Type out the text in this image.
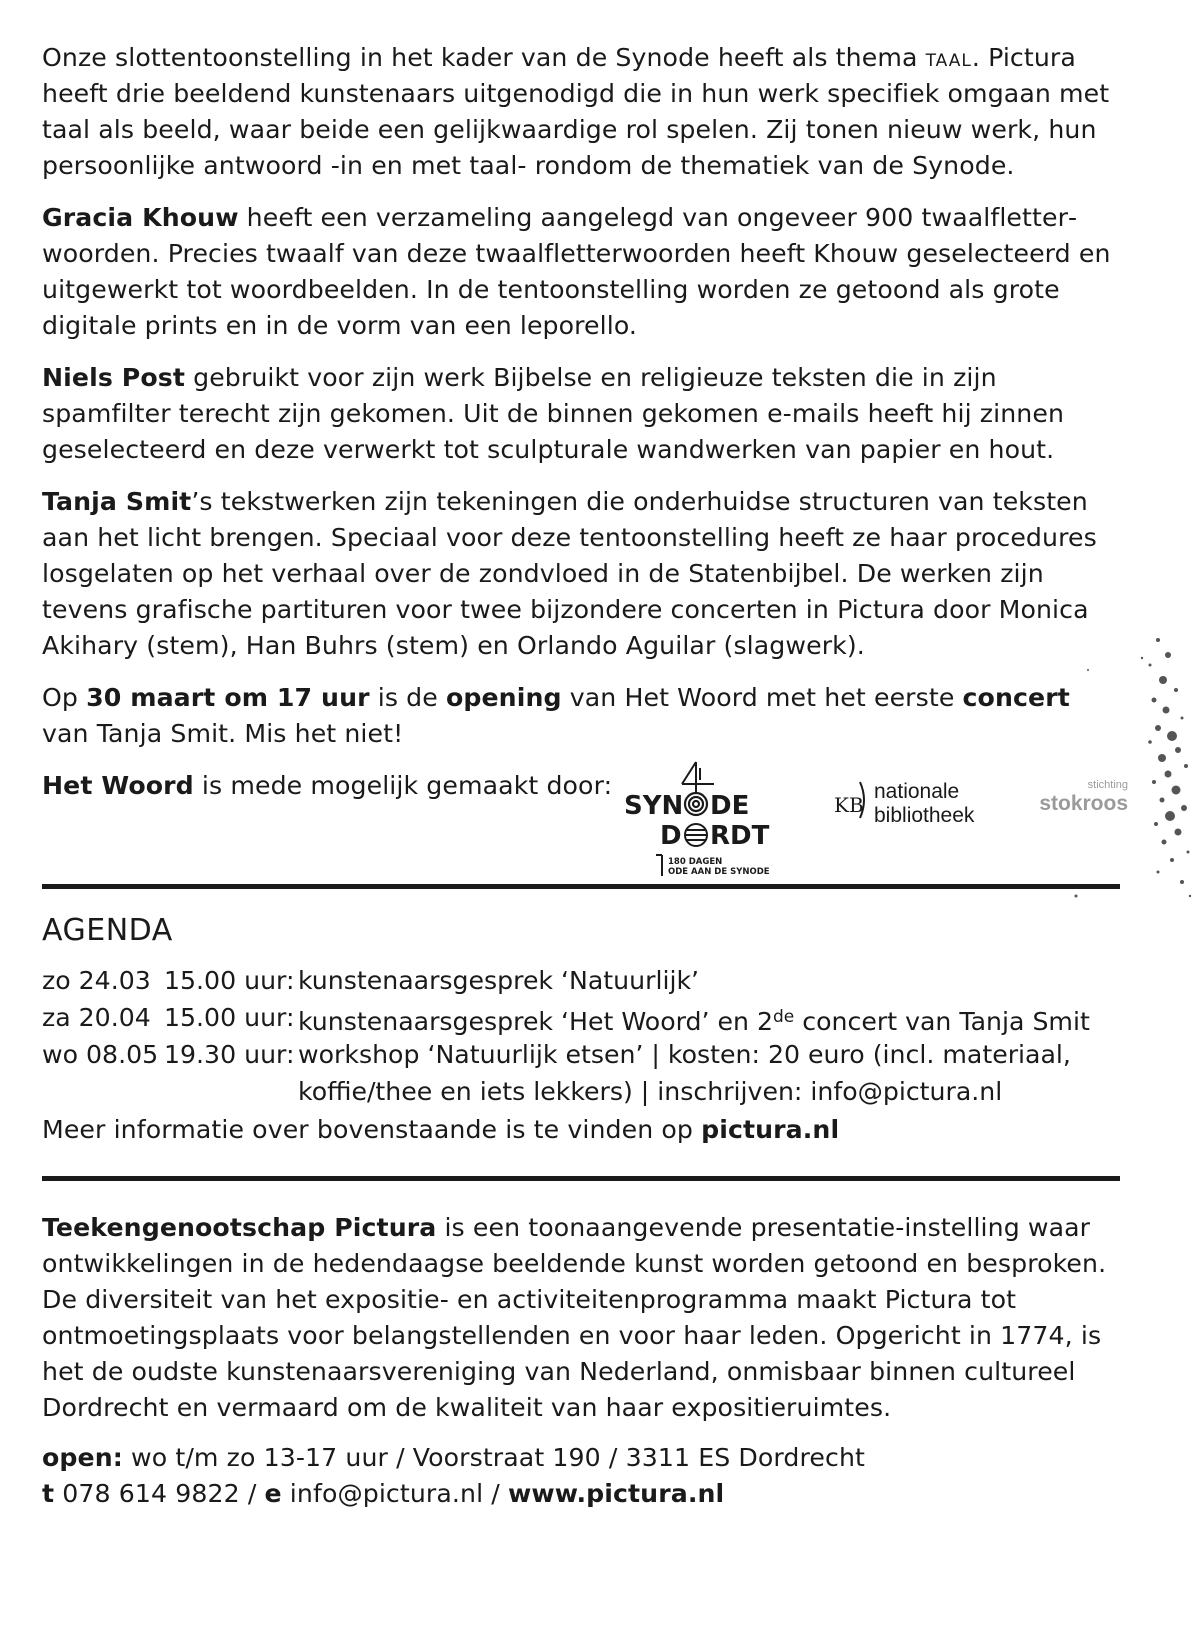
Onze slottentoonstelling in het kader van de Synode heeft als thema taal. Pictura heeft drie beeldend kunstenaars uitgenodigd die in hun werk specifiek omgaan met taal als beeld, waar beide een gelijkwaardige rol spelen. Zij tonen nieuw werk, hun persoonlijke antwoord -in en met taal- rondom de thematiek van de Synode.

Gracia Khouw heeft een verzameling aangelegd van ongeveer 900 twaalfletterwoorden. Precies twaalf van deze twaalfletterwoorden heeft Khouw geselecteerd en uitgewerkt tot woordbeelden. In de tentoonstelling worden ze getoond als grote digitale prints en in de vorm van een leporello.

Niels Post gebruikt voor zijn werk Bijbelse en religieuze teksten die in zijn spamfilter terecht zijn gekomen. Uit de binnen gekomen e-mails heeft hij zinnen geselecteerd en deze verwerkt tot sculpturale wandwerken van papier en hout.

Tanja Smit’s tekstwerken zijn tekeningen die onderhuidse structuren van teksten aan het licht brengen. Speciaal voor deze tentoonstelling heeft ze haar procedures losgelaten op het verhaal over de zondvloed in de Statenbijbel. De werken zijn tevens grafische partituren voor twee bijzondere concerten in Pictura door Monica Akihary (stem), Han Buhrs (stem) en Orlando Aguilar (slagwerk).

Op 30 maart om 17 uur is de opening van Het Woord met het eerste concert van Tanja Smit. Mis het niet!

Het Woord is mede mogelijk gemaakt door:

SYN DE
D RDT
180 DAGEN
ODE AAN DE SYNODE
KB
nationale
bibliotheek
stichting
stokroos
AGENDA
zo 24.03 15.00 uur: kunstenaarsgesprek ‘Natuurlijk’
za 20.04 15.00 uur: kunstenaarsgesprek ‘Het Woord’ en 2de concert van Tanja Smit
wo 08.05 19.30 uur: workshop ‘Natuurlijk etsen’ | kosten: 20 euro (incl. materiaal, koffie/thee en iets lekkers) | inschrijven: info@pictura.nl

Meer informatie over bovenstaande is te vinden op pictura.nl

Teekengenootschap Pictura is een toonaangevende presentatie-instelling waar ontwikkelingen in de hedendaagse beeldende kunst worden getoond en besproken. De diversiteit van het expositie- en activiteitenprogramma maakt Pictura tot ontmoetingsplaats voor belangstellenden en voor haar leden. Opgericht in 1774, is het de oudste kunstenaarsvereniging van Nederland, onmisbaar binnen cultureel Dordrecht en vermaard om de kwaliteit van haar expositieruimtes.

open: wo t/m zo 13-17 uur / Voorstraat 190 / 3311 ES Dordrecht

t 078 614 9822 / e info@pictura.nl / www.pictura.nl
